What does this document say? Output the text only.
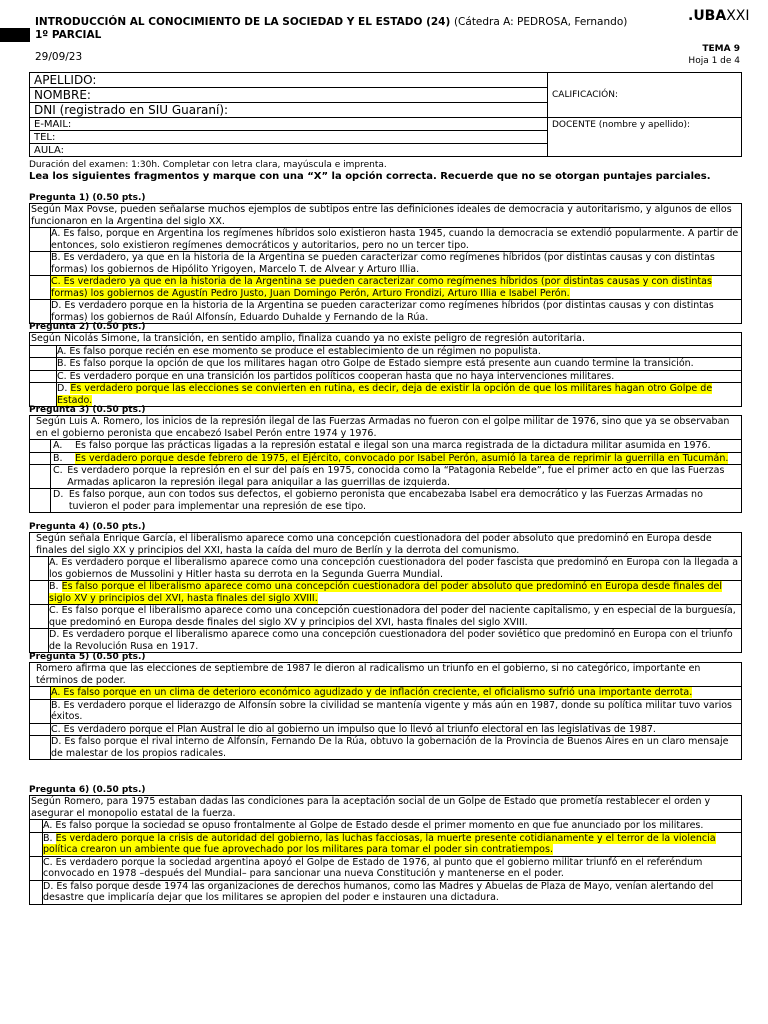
INTRODUCCIÓN AL CONOCIMIENTO DE LA SOCIEDAD Y EL ESTADO (24) (Cátedra A: PEDROSA, Fernando)
1º PARCIAL
29/09/23
.UBAXXI
TEMA 9
Hoja 1 de 4
APELLIDO:	CALIFICACIÓN:
NOMBRE:	
DNI (registrado en SIU Guaraní):	
E-MAIL:	DOCENTE (nombre y apellido):
TEL:	
AULA:	
Duración del examen: 1:30h. Completar con letra clara, mayúscula e imprenta.
Lea los siguientes fragmentos y marque con una “X” la opción correcta. Recuerde que no se otorgan puntajes parciales.
Pregunta 1) (0.50 pts.)
Según Max Povse, pueden señalarse muchos ejemplos de subtipos entre las definiciones ideales de democracia y autoritarismo, y algunos de ellos funcionaron en la Argentina del siglo XX.
A. Es falso, porque en Argentina los regímenes híbridos solo existieron hasta 1945, cuando la democracia se extendió popularmente. A partir de entonces, solo existieron regímenes democráticos y autoritarios, pero no un tercer tipo.
B. Es verdadero, ya que en la historia de la Argentina se pueden caracterizar como regímenes híbridos (por distintas causas y con distintas formas) los gobiernos de Hipólito Yrigoyen, Marcelo T. de Alvear y Arturo Illia.
C. Es verdadero ya que en la historia de la Argentina se pueden caracterizar como regímenes híbridos (por distintas causas y con distintas formas) los gobiernos de Agustín Pedro Justo, Juan Domingo Perón, Arturo Frondizi, Arturo Illia e Isabel Perón.
D. Es verdadero porque en la historia de la Argentina se pueden caracterizar como regímenes híbridos (por distintas causas y con distintas formas) los gobiernos de Raúl Alfonsín, Eduardo Duhalde y Fernando de la Rúa.
Pregunta 2) (0.50 pts.)
Según Nicolás Simone, la transición, en sentido amplio, finaliza cuando ya no existe peligro de regresión autoritaria.
A. Es falso porque recién en ese momento se produce el establecimiento de un régimen no populista.
B. Es falso porque la opción de que los militares hagan otro Golpe de Estado siempre está presente aun cuando termine la transición.
C. Es verdadero porque en una transición los partidos políticos cooperan hasta que no haya intervenciones militares.
D. Es verdadero porque las elecciones se convierten en rutina, es decir, deja de existir la opción de que los militares hagan otro Golpe de Estado.
Pregunta 3) (0.50 pts.)
Según Luis A. Romero, los inicios de la represión ilegal de las Fuerzas Armadas no fueron con el golpe militar de 1976, sino que ya se observaban en el gobierno peronista que encabezó Isabel Perón entre 1974 y 1976.
A.	Es falso porque las prácticas ligadas a la represión estatal e ilegal son una marca registrada de la dictadura militar asumida en 1976.
B.	Es verdadero porque desde febrero de 1975, el Ejército, convocado por Isabel Perón, asumió la tarea de reprimir la guerrilla en Tucumán.
C. Es verdadero porque la represión en el sur del país en 1975, conocida como la “Patagonia Rebelde”, fue el primer acto en que las Fuerzas Armadas aplicaron la represión ilegal para aniquilar a las guerrillas de izquierda.
D. Es falso porque, aun con todos sus defectos, el gobierno peronista que encabezaba Isabel era democrático y las Fuerzas Armadas no tuvieron el poder para implementar una represión de ese tipo.
Pregunta 4) (0.50 pts.)
Según señala Enrique García, el liberalismo aparece como una concepción cuestionadora del poder absoluto que predominó en Europa desde finales del siglo XX y principios del XXI, hasta la caída del muro de Berlín y la derrota del comunismo.
A. Es verdadero porque el liberalismo aparece como una concepción cuestionadora del poder fascista que predominó en Europa con la llegada a los gobiernos de Mussolini y Hitler hasta su derrota en la Segunda Guerra Mundial.
B. Es falso porque el liberalismo aparece como una concepción cuestionadora del poder absoluto que predominó en Europa desde finales del siglo XV y principios del XVI, hasta finales del siglo XVIII.
C. Es falso porque el liberalismo aparece como una concepción cuestionadora del poder del naciente capitalismo, y en especial de la burguesía, que predominó en Europa desde finales del siglo XV y principios del XVI, hasta finales del siglo XVIII.
D. Es verdadero porque el liberalismo aparece como una concepción cuestionadora del poder soviético que predominó en Europa con el triunfo de la Revolución Rusa en 1917.
Pregunta 5) (0.50 pts.)
Romero afirma que las elecciones de septiembre de 1987 le dieron al radicalismo un triunfo en el gobierno, si no categórico, importante en términos de poder.
A. Es falso porque en un clima de deterioro económico agudizado y de inflación creciente, el oficialismo sufrió una importante derrota.
B. Es verdadero porque el liderazgo de Alfonsín sobre la civilidad se mantenía vigente y más aún en 1987, donde su política militar tuvo varios éxitos.
C. Es verdadero porque el Plan Austral le dio al gobierno un impulso que lo llevó al triunfo electoral en las legislativas de 1987.
D. Es falso porque el rival interno de Alfonsín, Fernando De la Rúa, obtuvo la gobernación de la Provincia de Buenos Aires en un claro mensaje de malestar de los propios radicales.
Pregunta 6) (0.50 pts.)
Según Romero, para 1975 estaban dadas las condiciones para la aceptación social de un Golpe de Estado que prometía restablecer el orden y asegurar el monopolio estatal de la fuerza.
A. Es falso porque la sociedad se opuso frontalmente al Golpe de Estado desde el primer momento en que fue anunciado por los militares.
B. Es verdadero porque la crisis de autoridad del gobierno, las luchas facciosas, la muerte presente cotidianamente y el terror de la violencia política crearon un ambiente que fue aprovechado por los militares para tomar el poder sin contratiempos.
C. Es verdadero porque la sociedad argentina apoyó el Golpe de Estado de 1976, al punto que el gobierno militar triunfó en el referéndum convocado en 1978 –después del Mundial– para sancionar una nueva Constitución y mantenerse en el poder.
D. Es falso porque desde 1974 las organizaciones de derechos humanos, como las Madres y Abuelas de Plaza de Mayo, venían alertando del desastre que implicaría dejar que los militares se apropien del poder e instauren una dictadura.
